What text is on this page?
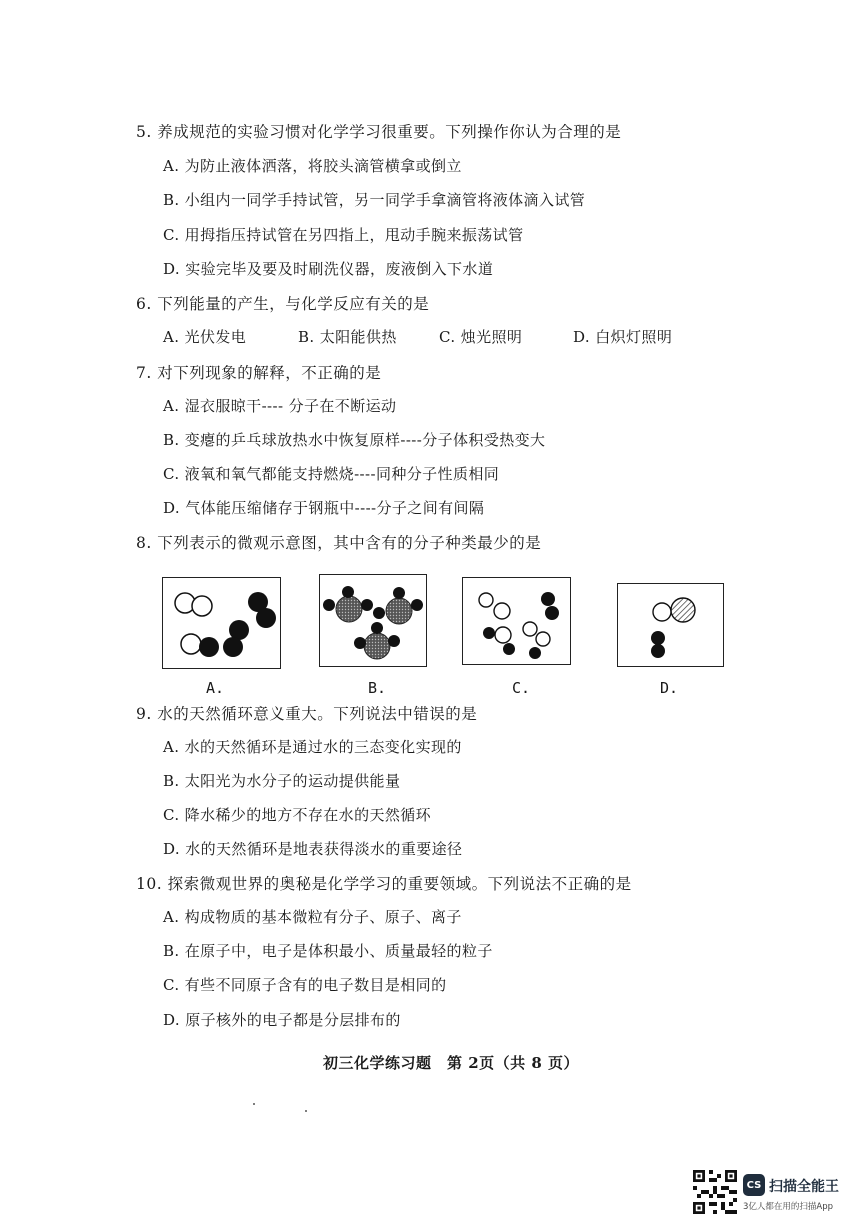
5. 养成规范的实验习惯对化学学习很重要。下列操作你认为合理的是
A. 为防止液体洒落，将胶头滴管横拿或倒立
B. 小组内一同学手持试管，另一同学手拿滴管将液体滴入试管
C. 用拇指压持试管在另四指上，甩动手腕来振荡试管
D. 实验完毕及要及时刷洗仪器，废液倒入下水道
6. 下列能量的产生，与化学反应有关的是
A. 光伏发电	B. 太阳能供热	C. 烛光照明	D. 白炽灯照明
7. 对下列现象的解释，不正确的是
A. 湿衣服晾干---- 分子在不断运动
B. 变瘪的乒乓球放热水中恢复原样----分子体积受热变大
C. 液氧和氧气都能支持燃烧----同种分子性质相同
D. 气体能压缩储存于钢瓶中----分子之间有间隔
8. 下列表示的微观示意图，其中含有的分子种类最少的是
A.	B.	C.	D.
9. 水的天然循环意义重大。下列说法中错误的是
A. 水的天然循环是通过水的三态变化实现的
B. 太阳光为水分子的运动提供能量
C. 降水稀少的地方不存在水的天然循环
D. 水的天然循环是地表获得淡水的重要途径
10. 探索微观世界的奥秘是化学学习的重要领域。下列说法不正确的是
A. 构成物质的基本微粒有分子、原子、离子
B. 在原子中，电子是体积最小、质量最轻的粒子
C. 有些不同原子含有的电子数目是相同的
D. 原子核外的电子都是分层排布的
初三化学练习题　第 2页（共 8 页）
CS 扫描全能王
3亿人都在用的扫描App
